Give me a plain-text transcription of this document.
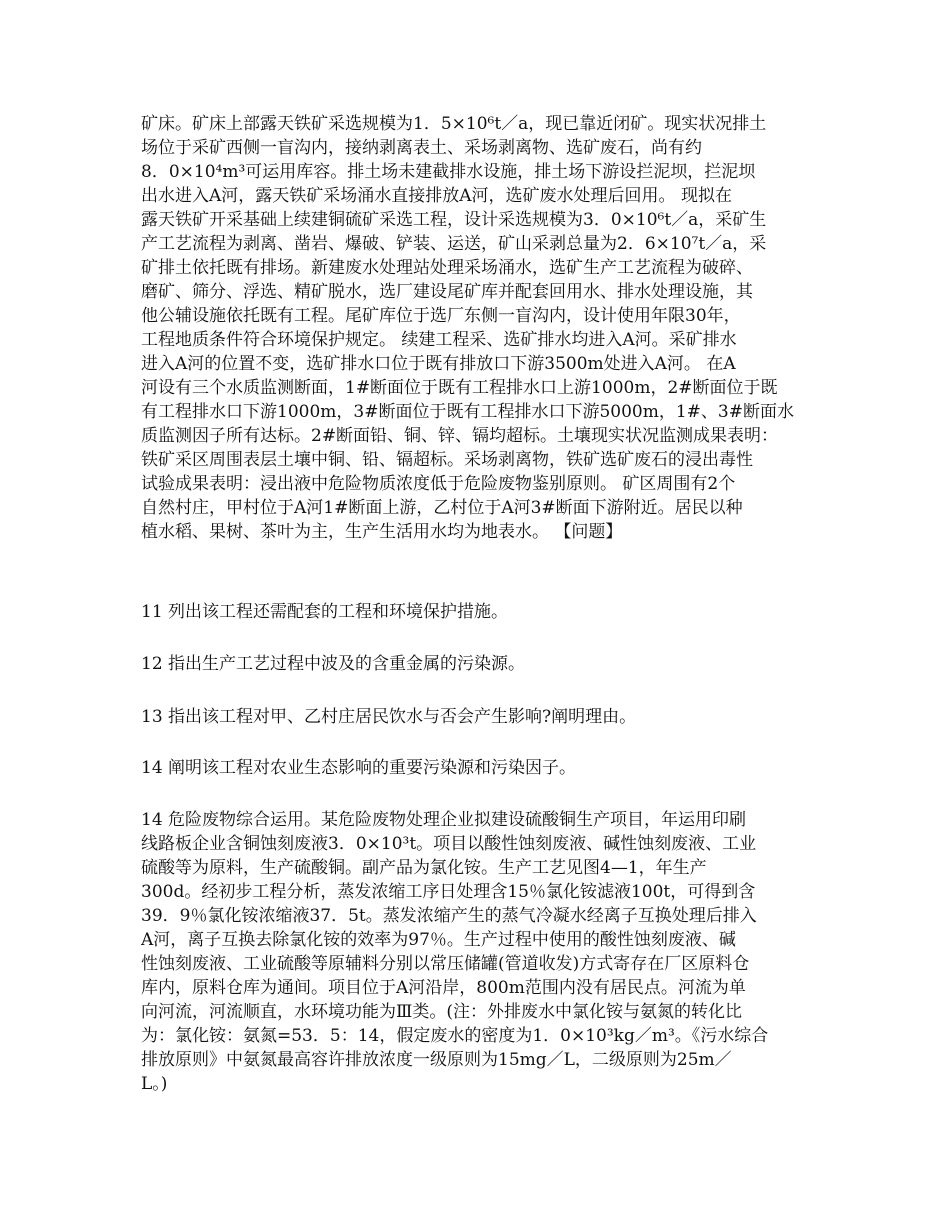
矿床。矿床上部露天铁矿采选规模为1．5×10⁶t／a，现已靠近闭矿。现实状况排土
场位于采矿西侧一盲沟内，接纳剥离表土、采场剥离物、选矿废石，尚有约
8．0×10⁴m³可运用库容。排土场未建截排水设施，排土场下游设拦泥坝，拦泥坝
出水进入A河，露天铁矿采场涌水直接排放A河，选矿废水处理后回用。 现拟在
露天铁矿开采基础上续建铜硫矿采选工程，设计采选规模为3．0×10⁶t／a，采矿生
产工艺流程为剥离、凿岩、爆破、铲装、运送，矿山采剥总量为2．6×10⁷t／a，采
矿排土依托既有排场。新建废水处理站处理采场涌水，选矿生产工艺流程为破碎、
磨矿、筛分、浮选、精矿脱水，选厂建设尾矿库并配套回用水、排水处理设施，其
他公辅设施依托既有工程。尾矿库位于选厂东侧一盲沟内，设计使用年限30年，
工程地质条件符合环境保护规定。 续建工程采、选矿排水均进入A河。采矿排水
进入A河的位置不变，选矿排水口位于既有排放口下游3500m处进入A河。 在A
河设有三个水质监测断面，1#断面位于既有工程排水口上游1000m，2#断面位于既
有工程排水口下游1000m，3#断面位于既有工程排水口下游5000m，1#、3#断面水
质监测因子所有达标。2#断面铅、铜、锌、镉均超标。土壤现实状况监测成果表明：
铁矿采区周围表层土壤中铜、铅、镉超标。采场剥离物，铁矿选矿废石的浸出毒性
试验成果表明：浸出液中危险物质浓度低于危险废物鉴别原则。 矿区周围有2个
自然村庄，甲村位于A河1#断面上游，乙村位于A河3#断面下游附近。居民以种
植水稻、果树、茶叶为主，生产生活用水均为地表水。 【问题】
11 列出该工程还需配套的工程和环境保护措施。
12 指出生产工艺过程中波及的含重金属的污染源。
13 指出该工程对甲、乙村庄居民饮水与否会产生影响?阐明理由。
14 阐明该工程对农业生态影响的重要污染源和污染因子。
14 危险废物综合运用。某危险废物处理企业拟建设硫酸铜生产项目，年运用印刷
线路板企业含铜蚀刻废液3．0×10³t。项目以酸性蚀刻废液、碱性蚀刻废液、工业
硫酸等为原料，生产硫酸铜。副产品为氯化铵。生产工艺见图4—1，年生产
300d。经初步工程分析，蒸发浓缩工序日处理含15％氯化铵滤液100t，可得到含
39．9％氯化铵浓缩液37．5t。蒸发浓缩产生的蒸气冷凝水经离子互换处理后排入
A河，离子互换去除氯化铵的效率为97％。生产过程中使用的酸性蚀刻废液、碱
性蚀刻废液、工业硫酸等原辅料分别以常压储罐(管道收发)方式寄存在厂区原料仓
库内，原料仓库为通间。项目位于A河沿岸，800m范围内没有居民点。河流为单
向河流，河流顺直，水环境功能为Ⅲ类。(注：外排废水中氯化铵与氨氮的转化比
为：氯化铵：氨氮=53．5：14，假定废水的密度为1．0×10³kg／m³。《污水综合
排放原则》中氨氮最高容许排放浓度一级原则为15mg／L，二级原则为25m／
L。)
